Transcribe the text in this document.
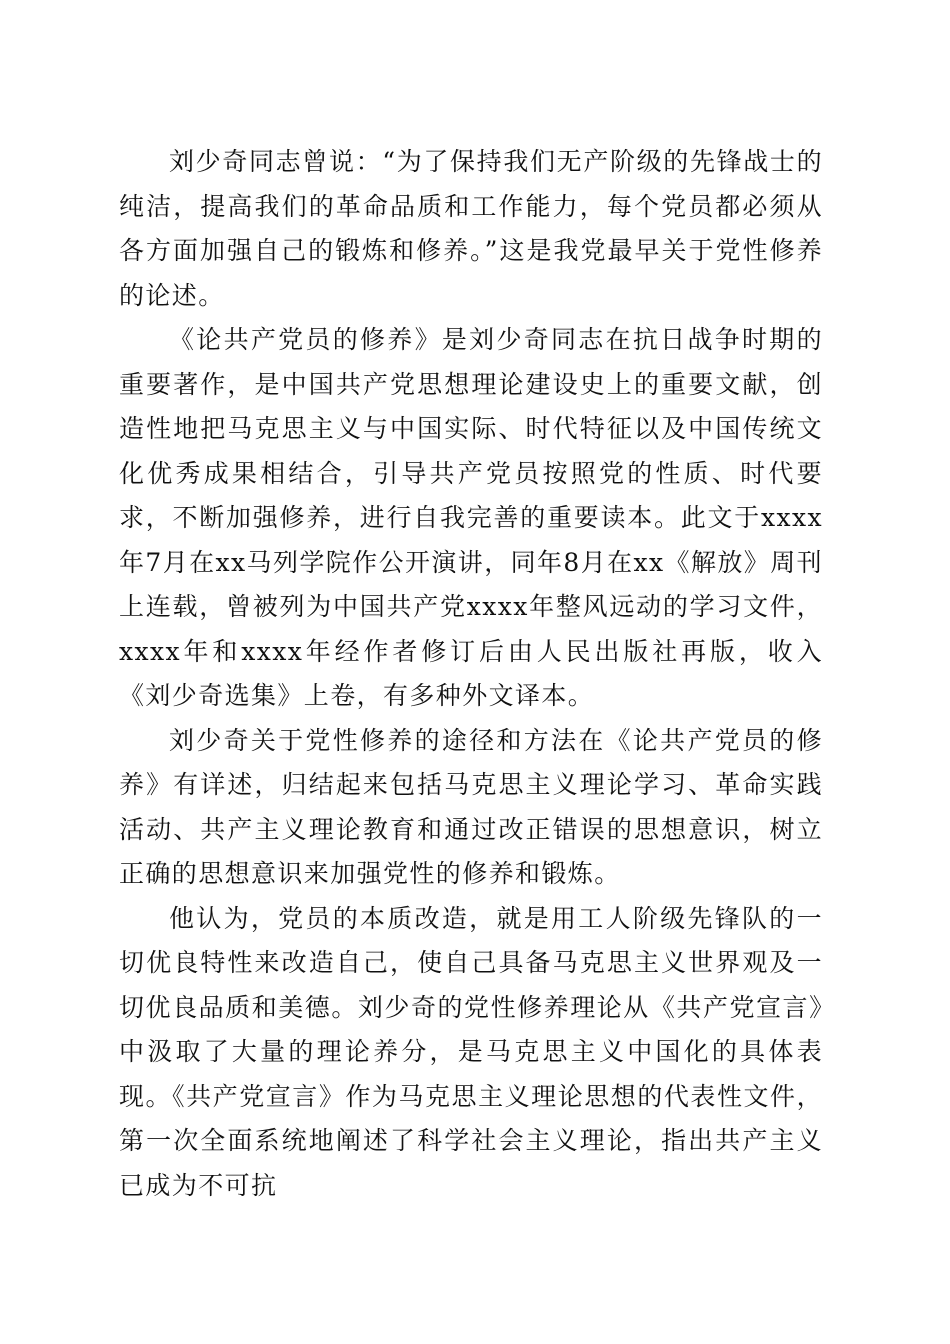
刘少奇同志曾说：“为了保持我们无产阶级的先锋战士的纯洁，提高我们的革命品质和工作能力，每个党员都必须从各方面加强自己的锻炼和修养。”这是我党最早关于党性修养的论述。

《论共产党员的修养》是刘少奇同志在抗日战争时期的重要著作，是中国共产党思想理论建设史上的重要文献，创造性地把马克思主义与中国实际、时代特征以及中国传统文化优秀成果相结合，引导共产党员按照党的性质、时代要求，不断加强修养，进行自我完善的重要读本。此文于xxxx年7月在xx马列学院作公开演讲，同年8月在xx《解放》周刊上连载，曾被列为中国共产党xxxx年整风远动的学习文件，xxxx年和xxxx年经作者修订后由人民出版社再版，收入《刘少奇选集》上卷，有多种外文译本。

刘少奇关于党性修养的途径和方法在《论共产党员的修养》有详述，归结起来包括马克思主义理论学习、革命实践活动、共产主义理论教育和通过改正错误的思想意识，树立正确的思想意识来加强党性的修养和锻炼。

他认为，党员的本质改造，就是用工人阶级先锋队的一切优良特性来改造自己，使自己具备马克思主义世界观及一切优良品质和美德。刘少奇的党性修养理论从《共产党宣言》中汲取了大量的理论养分，是马克思主义中国化的具体表现。《共产党宣言》作为马克思主义理论思想的代表性文件，第一次全面系统地阐述了科学社会主义理论，指出共产主义已成为不可抗
